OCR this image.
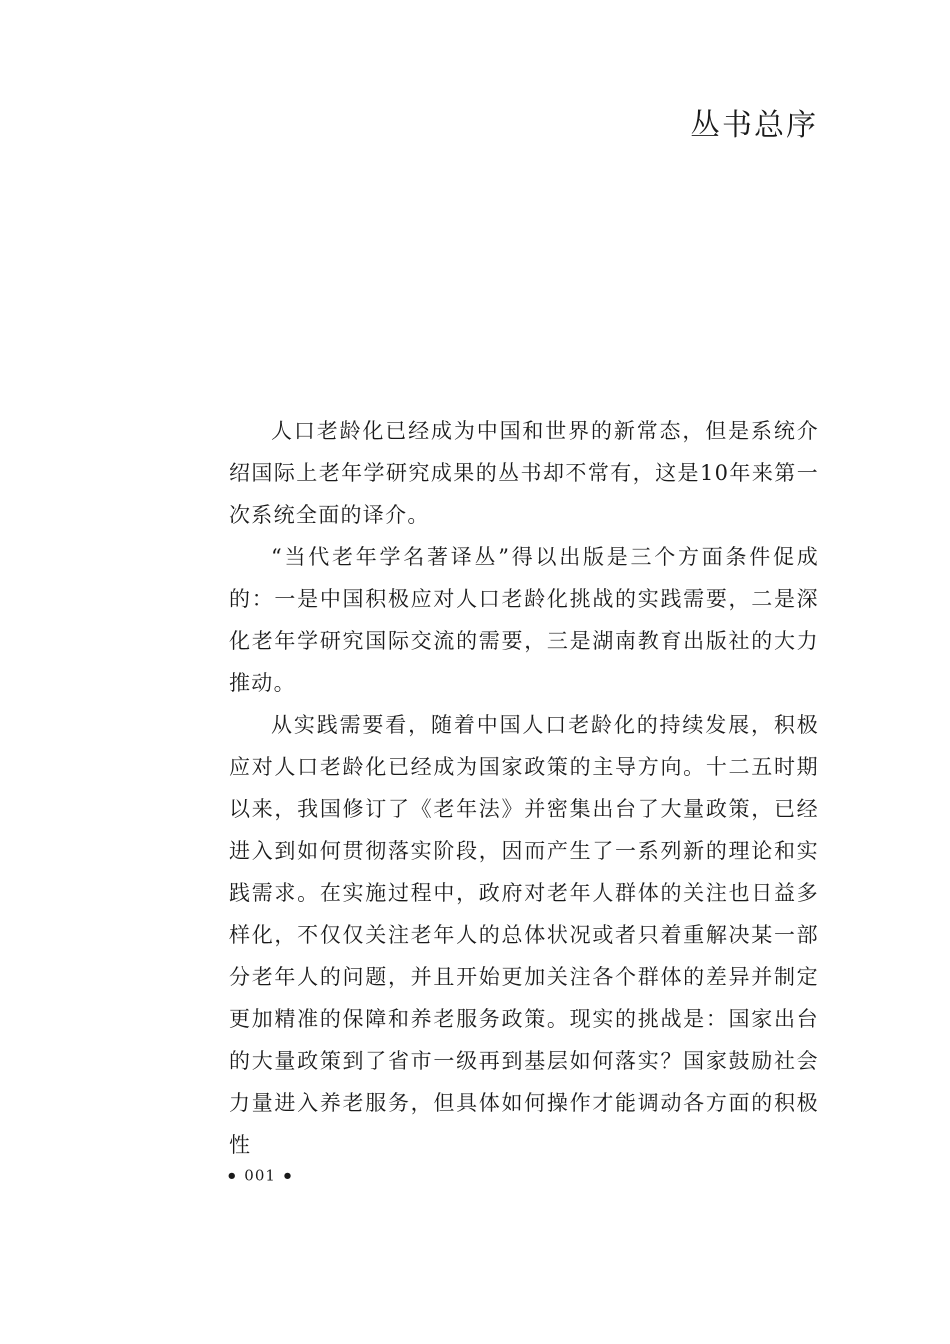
丛书总序

人口老龄化已经成为中国和世界的新常态，但是系统介绍国际上老年学研究成果的丛书却不常有，这是10年来第一次系统全面的译介。

“当代老年学名著译丛”得以出版是三个方面条件促成的：一是中国积极应对人口老龄化挑战的实践需要，二是深化老年学研究国际交流的需要，三是湖南教育出版社的大力推动。

从实践需要看，随着中国人口老龄化的持续发展，积极应对人口老龄化已经成为国家政策的主导方向。十二五时期以来，我国修订了《老年法》并密集出台了大量政策，已经进入到如何贯彻落实阶段，因而产生了一系列新的理论和实践需求。在实施过程中，政府对老年人群体的关注也日益多样化，不仅仅关注老年人的总体状况或者只着重解决某一部分老年人的问题，并且开始更加关注各个群体的差异并制定更加精准的保障和养老服务政策。现实的挑战是：国家出台的大量政策到了省市一级再到基层如何落实？国家鼓励社会力量进入养老服务，但具体如何操作才能调动各方面的积极性

• 001 •
